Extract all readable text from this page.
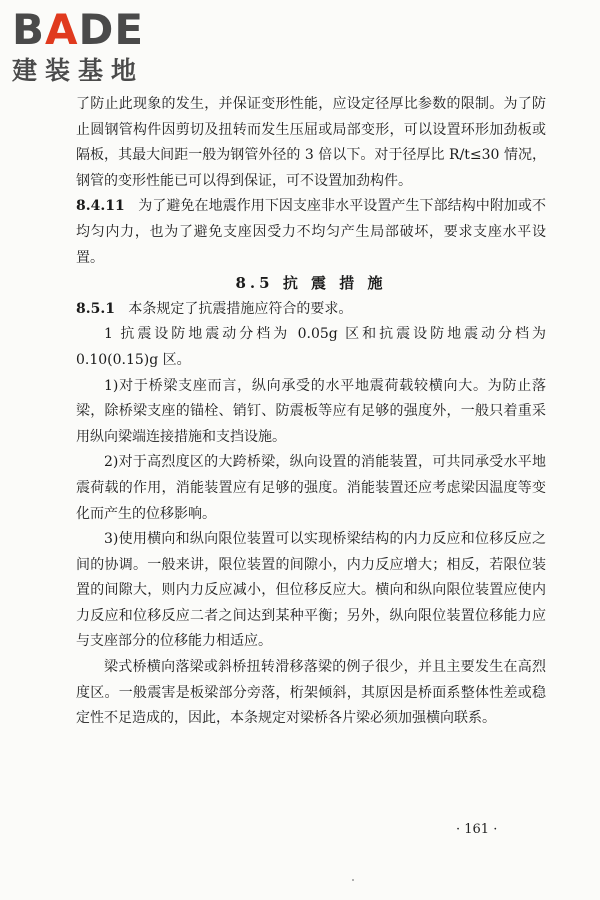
BADE
建装基地

了防止此现象的发生，并保证变形性能，应设定径厚比参数的限制。为了防止圆钢管构件因剪切及扭转而发生压屈或局部变形，可以设置环形加劲板或隔板，其最大间距一般为钢管外径的 3 倍以下。对于径厚比 R/t≤30 情况，钢管的变形性能已可以得到保证，可不设置加劲构件。

8.4.11 为了避免在地震作用下因支座非水平设置产生下部结构中附加或不均匀内力，也为了避免支座因受力不均匀产生局部破坏，要求支座水平设置。

8.5 抗 震 措 施

8.5.1 本条规定了抗震措施应符合的要求。

1 抗震设防地震动分档为 0.05g 区和抗震设防地震动分档为 0.10(0.15)g 区。

1)对于桥梁支座而言，纵向承受的水平地震荷载较横向大。为防止落梁，除桥梁支座的锚栓、销钉、防震板等应有足够的强度外，一般只着重采用纵向梁端连接措施和支挡设施。

2)对于高烈度区的大跨桥梁，纵向设置的消能装置，可共同承受水平地震荷载的作用，消能装置应有足够的强度。消能装置还应考虑梁因温度等变化而产生的位移影响。

3)使用横向和纵向限位装置可以实现桥梁结构的内力反应和位移反应之间的协调。一般来讲，限位装置的间隙小，内力反应增大；相反，若限位装置的间隙大，则内力反应减小，但位移反应大。横向和纵向限位装置应使内力反应和位移反应二者之间达到某种平衡；另外，纵向限位装置位移能力应与支座部分的位移能力相适应。

梁式桥横向落梁或斜桥扭转滑移落梁的例子很少，并且主要发生在高烈度区。一般震害是板梁部分旁落，桁架倾斜，其原因是桥面系整体性差或稳定性不足造成的，因此，本条规定对梁桥各片梁必须加强横向联系。

· 161 ·
